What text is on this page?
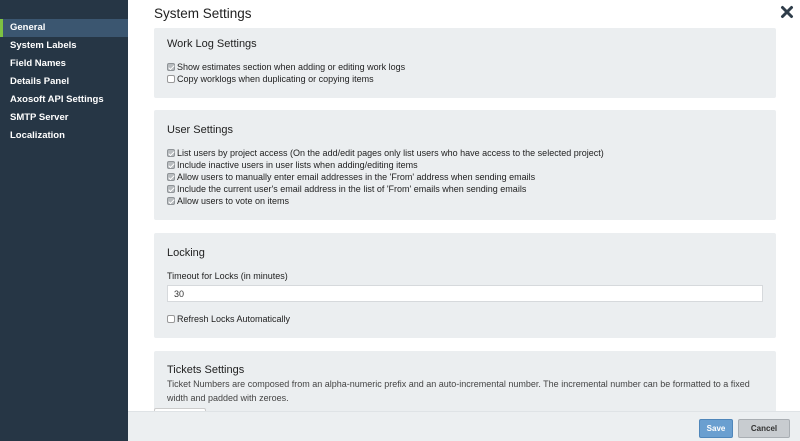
General
System Labels
Field Names
Details Panel
Axosoft API Settings
SMTP Server
Localization
System Settings
Work Log Settings
Show estimates section when adding or editing work logs
Copy worklogs when duplicating or copying items
User Settings
List users by project access (On the add/edit pages only list users who have access to the selected project)
Include inactive users in user lists when adding/editing items
Allow users to manually enter email addresses in the 'From' address when sending emails
Include the current user's email address in the list of 'From' emails when sending emails
Allow users to vote on items
Locking
Timeout for Locks (in minutes)
30
Refresh Locks Automatically
Tickets Settings
Ticket Numbers are composed from an alpha-numeric prefix and an auto-incremental number. The incremental number can be formatted to a fixed width and padded with zeroes.
Save	Cancel
